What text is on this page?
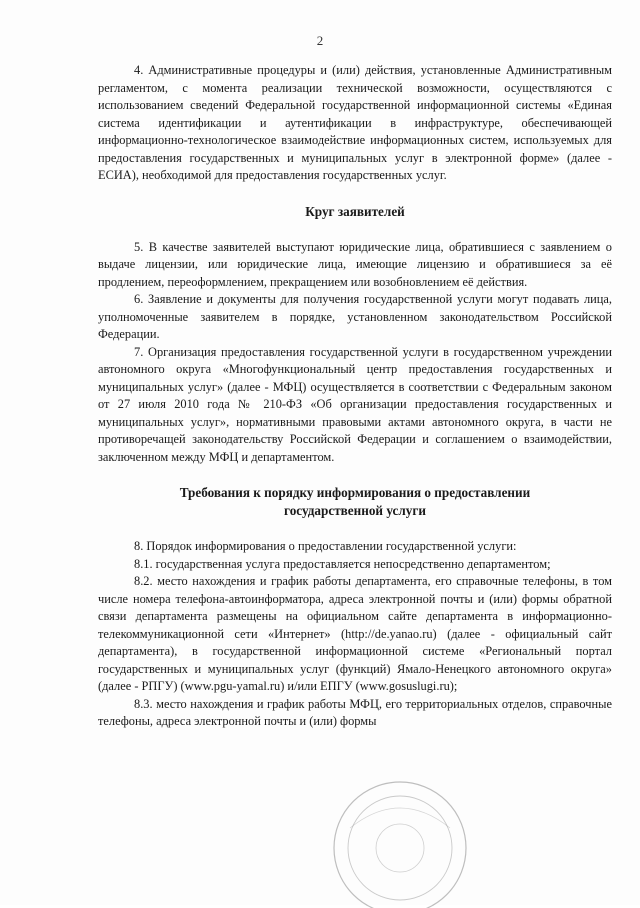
2

4. Административные процедуры и (или) действия, установленные Административным регламентом, с момента реализации технической возможности, осуществляются с использованием сведений Федеральной государственной информационной системы «Единая система идентификации и аутентификации в инфраструктуре, обеспечивающей информационно-технологическое взаимодействие информационных систем, используемых для предоставления государственных и муниципальных услуг в электронной форме» (далее - ЕСИА), необходимой для предоставления государственных услуг.

Круг заявителей

5. В качестве заявителей выступают юридические лица, обратившиеся с заявлением о выдаче лицензии, или юридические лица, имеющие лицензию и обратившиеся за её продлением, переоформлением, прекращением или возобновлением её действия.

6. Заявление и документы для получения государственной услуги могут подавать лица, уполномоченные заявителем в порядке, установленном законодательством Российской Федерации.

7. Организация предоставления государственной услуги в государственном учреждении автономного округа «Многофункциональный центр предоставления государственных и муниципальных услуг» (далее - МФЦ) осуществляется в соответствии с Федеральным законом от 27 июля 2010 года № 210-ФЗ «Об организации предоставления государственных и муниципальных услуг», нормативными правовыми актами автономного округа, в части не противоречащей законодательству Российской Федерации и соглашением о взаимодействии, заключенном между МФЦ и департаментом.

Требования к порядку информирования о предоставлении
государственной услуги

8. Порядок информирования о предоставлении государственной услуги:

8.1. государственная услуга предоставляется непосредственно департаментом;

8.2. место нахождения и график работы департамента, его справочные телефоны, в том числе номера телефона-автоинформатора, адреса электронной почты и (или) формы обратной связи департамента размещены на официальном сайте департамента в информационно-телекоммуникационной сети «Интернет» (http://de.yanao.ru) (далее - официальный сайт департамента), в государственной информационной системе «Региональный портал государственных и муниципальных услуг (функций) Ямало-Ненецкого автономного округа» (далее - РПГУ) (www.pgu-yamal.ru) и/или ЕПГУ (www.gosuslugi.ru);

8.3. место нахождения и график работы МФЦ, его территориальных отделов, справочные телефоны, адреса электронной почты и (или) формы
